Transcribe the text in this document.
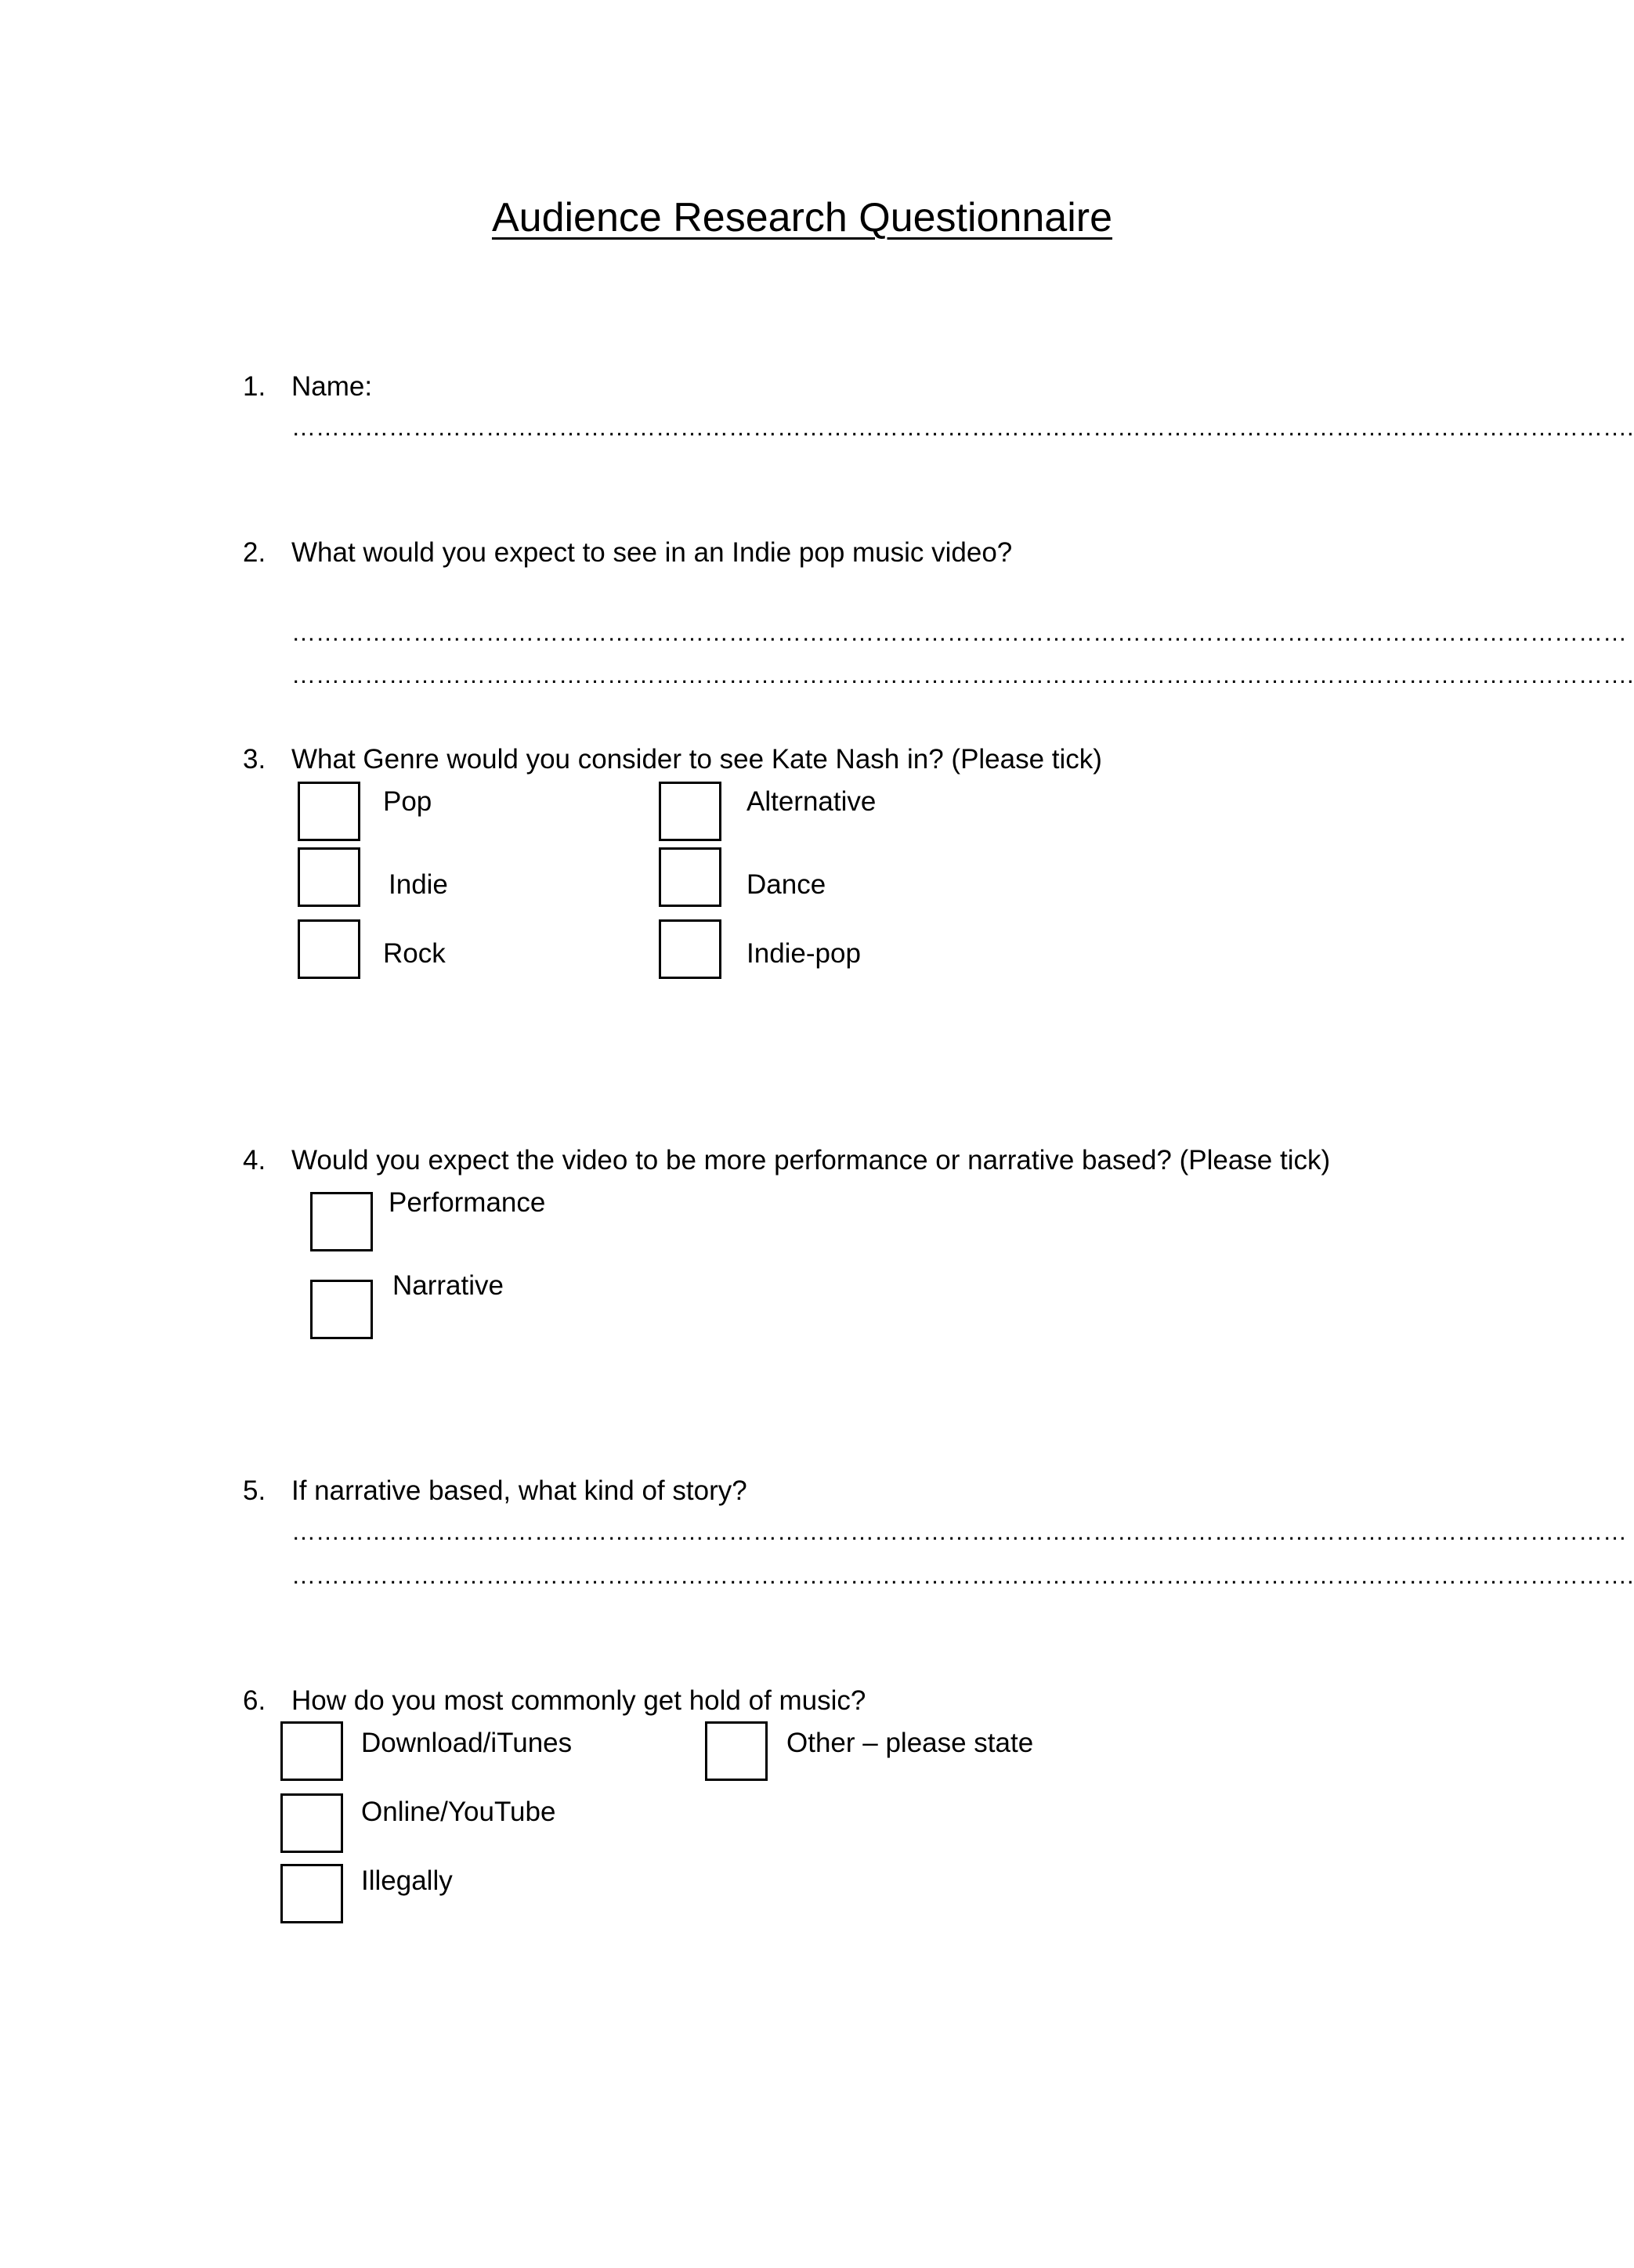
Audience Research Questionnaire
1. Name:
………………………………………………………………………………………………………………………………………………….
2. What would you expect to see in an Indie pop music video?
…………………………………………………………………………………………………………………………………………………
………………………………………………………………………………………………………………………………………………….
3. What Genre would you consider to see Kate Nash in? (Please tick)
Pop
Indie
Rock
Alternative
Dance
Indie-pop
4. Would you expect the video to be more performance or narrative based? (Please tick)
Performance
Narrative
5. If narrative based, what kind of story?
…………………………………………………………………………………………………………………………………………………
………………………………………………………………………………………………………………………………………………….
6. How do you most commonly get hold of music?
Download/iTunes
Online/YouTube
Illegally
Other – please state
